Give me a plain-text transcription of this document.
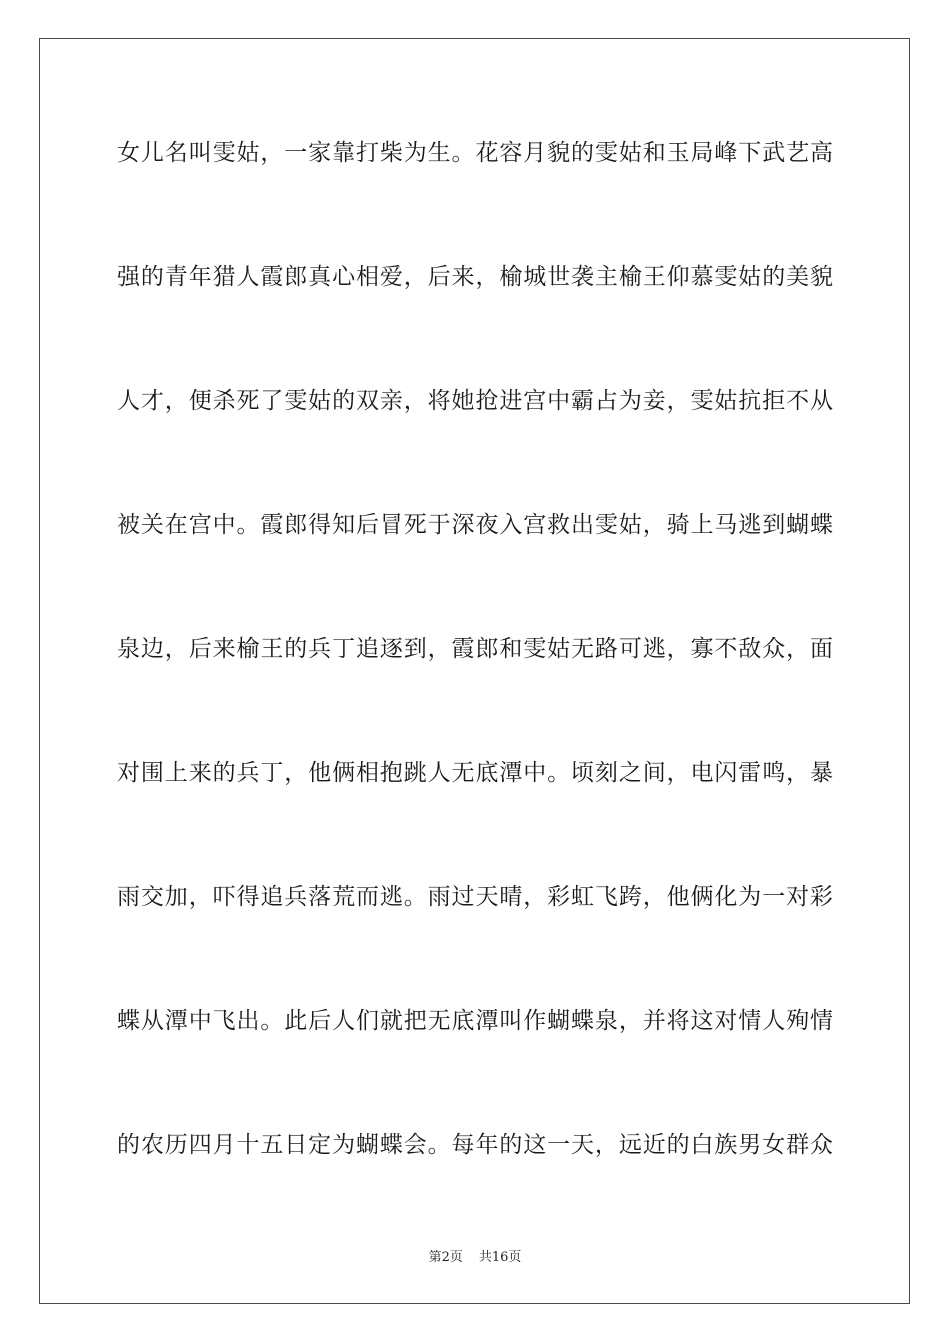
女儿名叫雯姑，一家靠打柴为生。花容月貌的雯姑和玉局峰下武艺高
强的青年猎人霞郎真心相爱，后来，榆城世袭主榆王仰慕雯姑的美貌
人才，便杀死了雯姑的双亲，将她抢进宫中霸占为妾，雯姑抗拒不从
被关在宫中。霞郎得知后冒死于深夜入宫救出雯姑，骑上马逃到蝴蝶
泉边，后来榆王的兵丁追逐到，霞郎和雯姑无路可逃，寡不敌众，面
对围上来的兵丁，他俩相抱跳人无底潭中。顷刻之间，电闪雷鸣，暴
雨交加，吓得追兵落荒而逃。雨过天晴，彩虹飞跨，他俩化为一对彩
蝶从潭中飞出。此后人们就把无底潭叫作蝴蝶泉，并将这对情人殉情
的农历四月十五日定为蝴蝶会。每年的这一天，远近的白族男女群众
第2页 共16页
